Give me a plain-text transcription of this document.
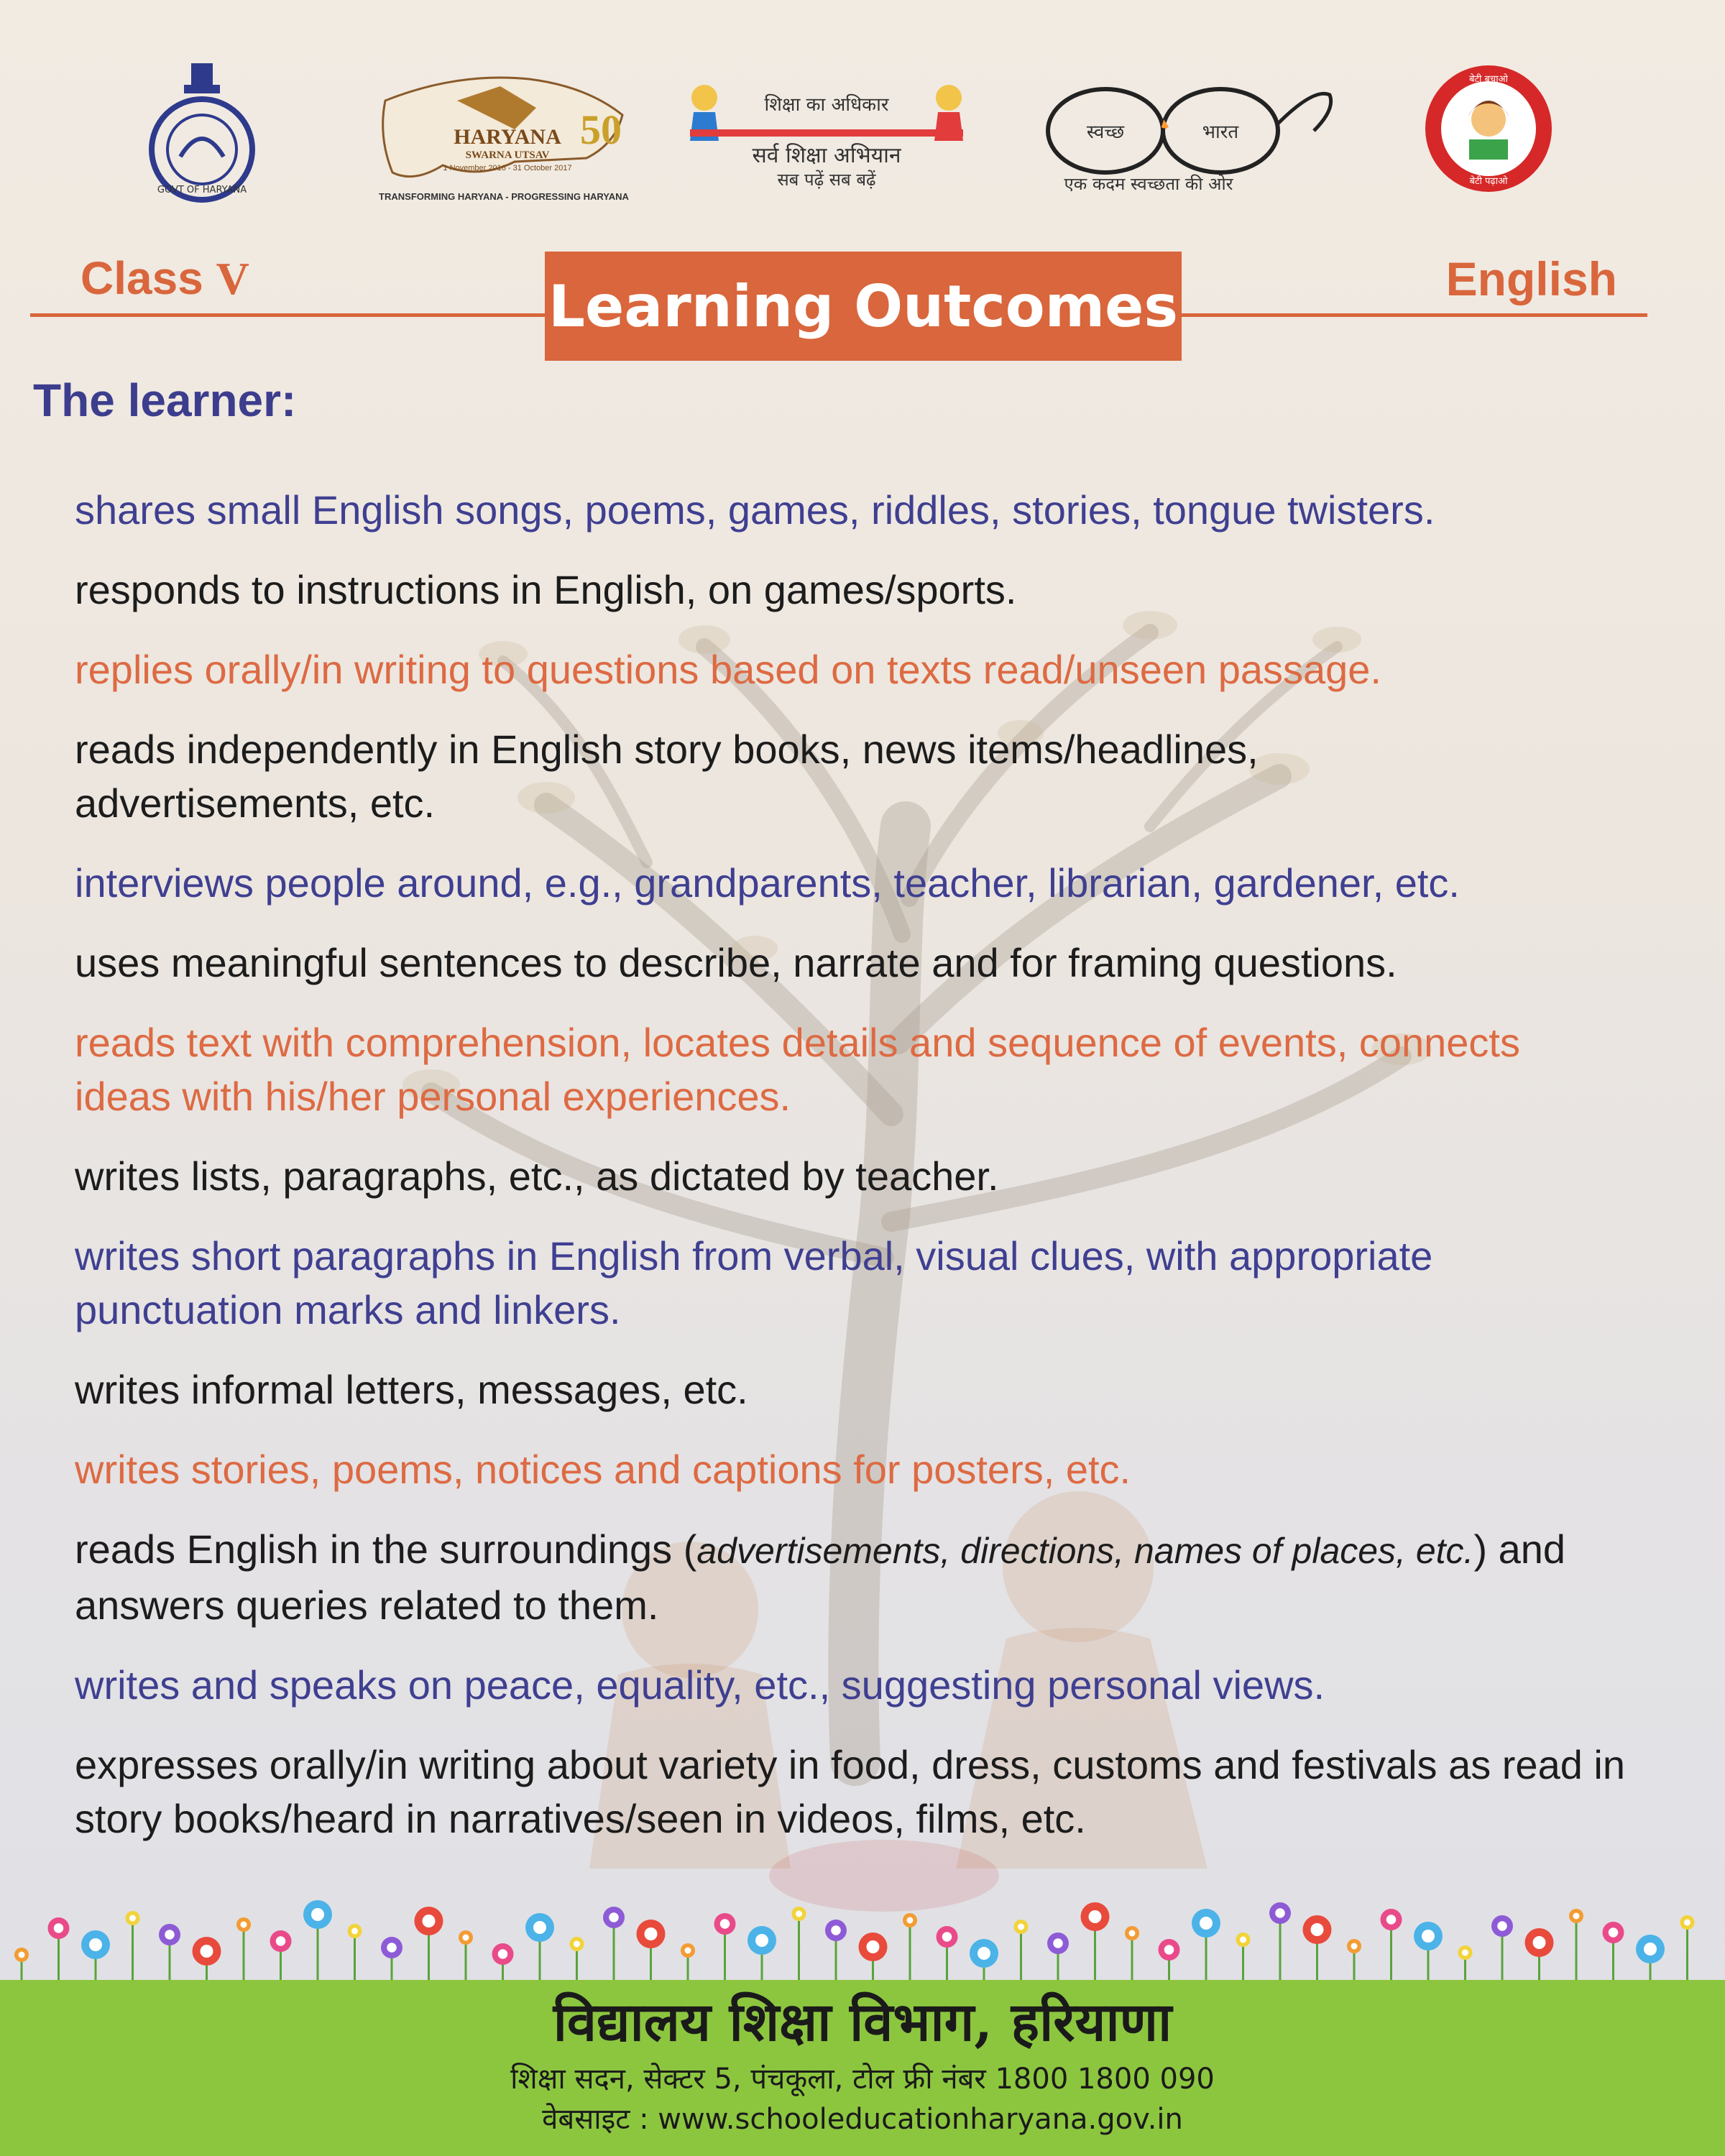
GOVT OF HARYANA
HARYANA
SWARNA UTSAV
1 November 2016 - 31 October 2017
50
TRANSFORMING HARYANA - PROGRESSING HARYANA
शिक्षा का अधिकार
सर्व शिक्षा अभियान
सब पढ़ें सब बढ़ें
स्वच्छ	भारत
एक कदम स्वच्छता की ओर
बेटी बचाओ
बेटी पढ़ाओ
Class V	Learning Outcomes	English
The learner:
shares small English songs, poems, games, riddles, stories, tongue twisters.
responds to instructions in English, on games/sports.
replies orally/in writing to questions based on texts read/unseen passage.
reads independently in English story books, news items/headlines, advertisements, etc.
interviews people around, e.g., grandparents, teacher, librarian, gardener, etc.
uses meaningful sentences to describe, narrate and for framing questions.
reads text with comprehension, locates details and sequence of events, connects ideas with his/her personal experiences.
writes lists, paragraphs, etc., as dictated by teacher.
writes short paragraphs in English from verbal, visual clues, with appropriate punctuation marks and linkers.
writes informal letters, messages, etc.
writes stories, poems, notices and captions for posters, etc.
reads English in the surroundings (advertisements, directions, names of places, etc.) and answers queries related to them.
writes and speaks on peace, equality, etc., suggesting personal views.
expresses orally/in writing about variety in food, dress, customs and festivals as read in story books/heard in narratives/seen in videos, films, etc.
विद्यालय शिक्षा विभाग, हरियाणा
शिक्षा सदन, सेक्टर 5, पंचकूला, टोल फ्री नंबर 1800 1800 090
वेबसाइट : www.schooleducationharyana.gov.in
